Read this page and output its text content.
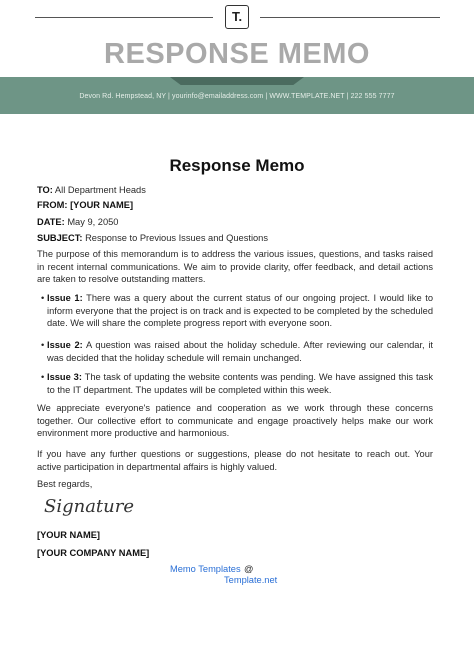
T.
RESPONSE MEMO
Devon Rd. Hempstead, NY | yourinfo@emailaddress.com | WWW.TEMPLATE.NET | 222 555 7777
Response Memo
TO: All Department Heads
FROM: [YOUR NAME]
DATE: May 9, 2050
SUBJECT: Response to Previous Issues and Questions
The purpose of this memorandum is to address the various issues, questions, and tasks raised in recent internal communications. We aim to provide clarity, offer feedback, and detail actions are taken to resolve outstanding matters.
• Issue 1: There was a query about the current status of our ongoing project. I would like to inform everyone that the project is on track and is expected to be completed by the scheduled date. We will share the complete progress report with everyone soon.
• Issue 2: A question was raised about the holiday schedule. After reviewing our calendar, it was decided that the holiday schedule will remain unchanged.
• Issue 3: The task of updating the website contents was pending. We have assigned this task to the IT department. The updates will be completed within this week.
We appreciate everyone's patience and cooperation as we work through these concerns together. Our collective effort to communicate and engage proactively helps make our work environment more productive and harmonious.
If you have any further questions or suggestions, please do not hesitate to reach out. Your active participation in departmental affairs is highly valued.
Best regards,
Signature
[YOUR NAME]
[YOUR COMPANY NAME]
Memo Templates @
Template.net
